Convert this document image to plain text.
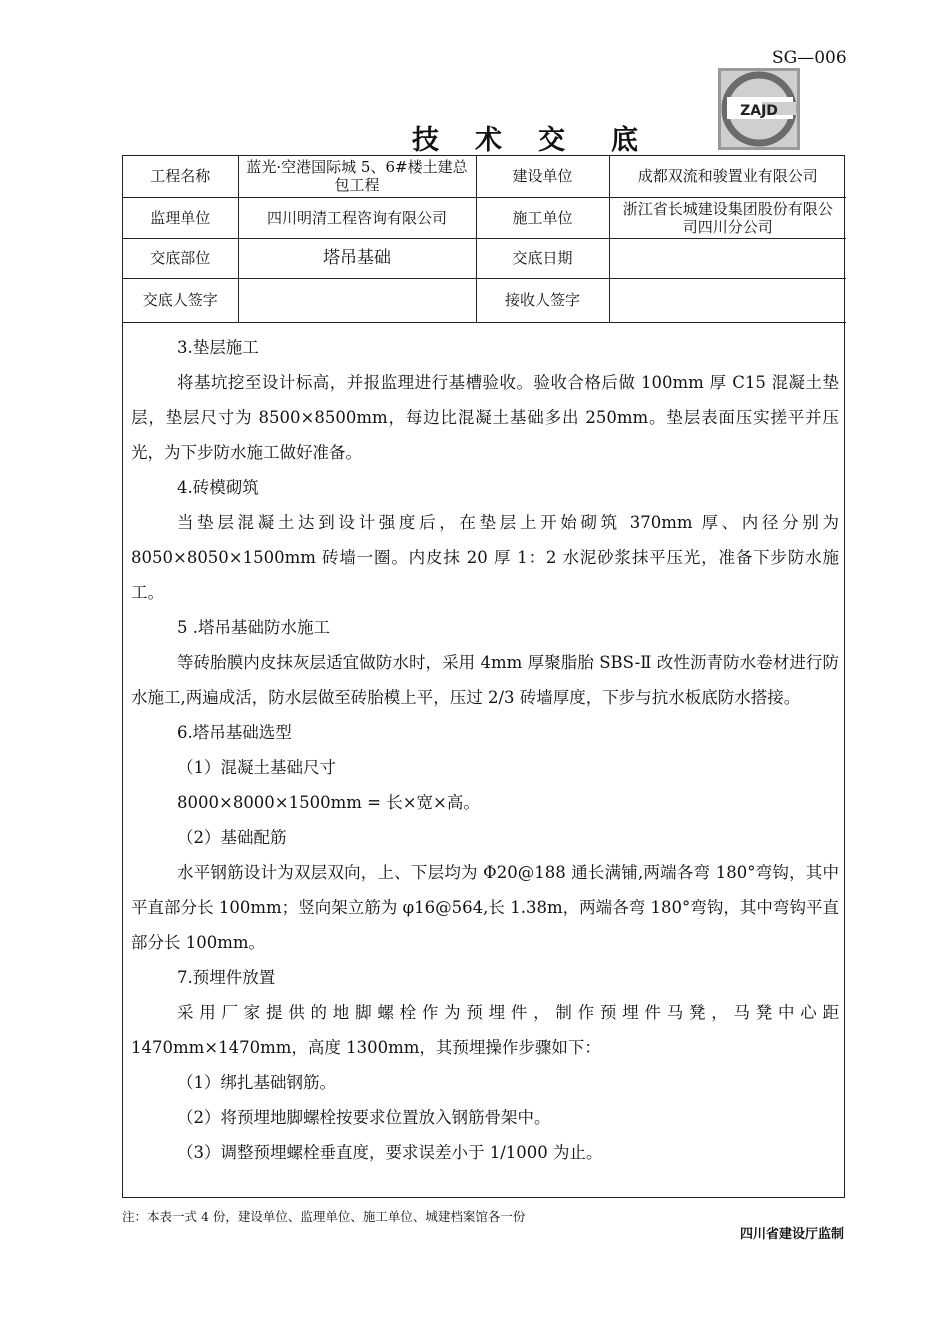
SG—006
ZAJD
技 术 交 底
工程名称	蓝光·空港国际城 5、6#楼土建总包工程	建设单位	成都双流和骏置业有限公司
监理单位	四川明清工程咨询有限公司	施工单位	浙江省长城建设集团股份有限公司四川分公司
交底部位	塔吊基础	交底日期	
交底人签字		接收人签字	

3.垫层施工

将基坑挖至设计标高，并报监理进行基槽验收。验收合格后做 100mm 厚 C15 混凝土垫层，垫层尺寸为 8500×8500mm，每边比混凝土基础多出 250mm。垫层表面压实搓平并压光，为下步防水施工做好准备。

4.砖模砌筑

当垫层混凝土达到设计强度后，在垫层上开始砌筑 370mm 厚、内径分别为 8050×8050×1500mm 砖墙一圈。内皮抹 20 厚 1：2 水泥砂浆抹平压光，准备下步防水施工。

5 .塔吊基础防水施工

等砖胎膜内皮抹灰层适宜做防水时，采用 4mm 厚聚脂胎 SBS-Ⅱ 改性沥青防水卷材进行防水施工,两遍成活，防水层做至砖胎模上平，压过 2/3 砖墙厚度，下步与抗水板底防水搭接。

6.塔吊基础选型

（1）混凝土基础尺寸

8000×8000×1500mm = 长×宽×高。

（2）基础配筋

水平钢筋设计为双层双向，上、下层均为 Φ20@188 通长满铺,两端各弯 180°弯钩，其中平直部分长 100mm；竖向架立筋为 φ16@564,长 1.38m，两端各弯 180°弯钩，其中弯钩平直部分长 100mm。

7.预埋件放置

采用厂家提供的地脚螺栓作为预埋件，制作预埋件马凳，马凳中心距 1470mm×1470mm，高度 1300mm，其预埋操作步骤如下：

（1）绑扎基础钢筋。

（2）将预埋地脚螺栓按要求位置放入钢筋骨架中。

（3）调整预埋螺栓垂直度，要求误差小于 1/1000 为止。

注：本表一式 4 份，建设单位、监理单位、施工单位、城建档案馆各一份
四川省建设厅监制
